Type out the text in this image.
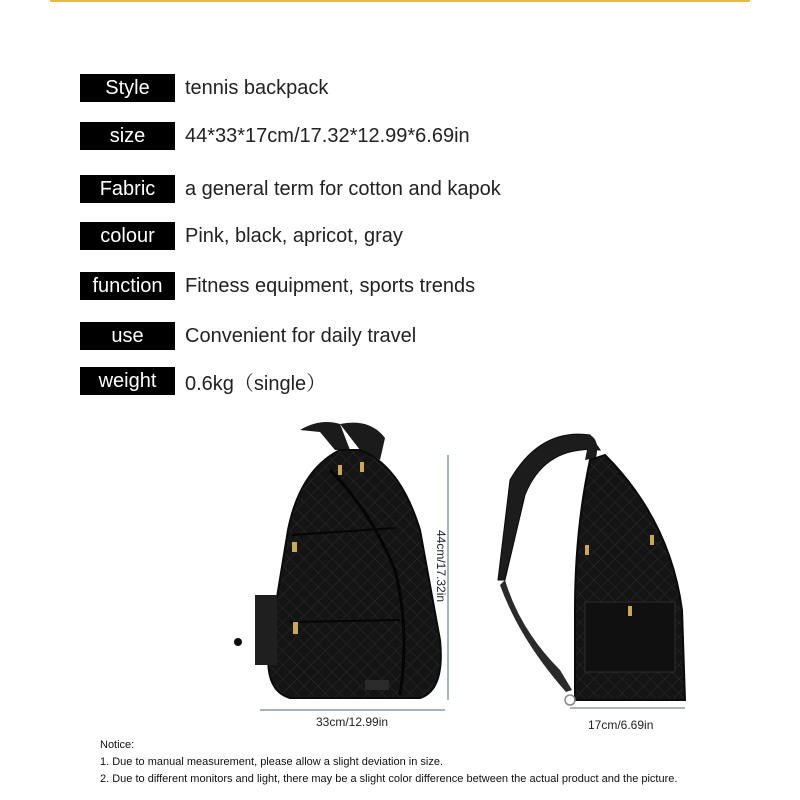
Style	tennis backpack
size	44*33*17cm/17.32*12.99*6.69in
Fabric	a general term for cotton and kapok
colour	Pink, black, apricot, gray
function	Fitness equipment, sports trends
use	Convenient for daily travel
weight	0.6kg（single）
44cm/17.32in
33cm/12.99in	17cm/6.69in
Notice:
1. Due to manual measurement, please allow a slight deviation in size.
2. Due to different monitors and light, there may be a slight color difference between the actual product and the picture.
